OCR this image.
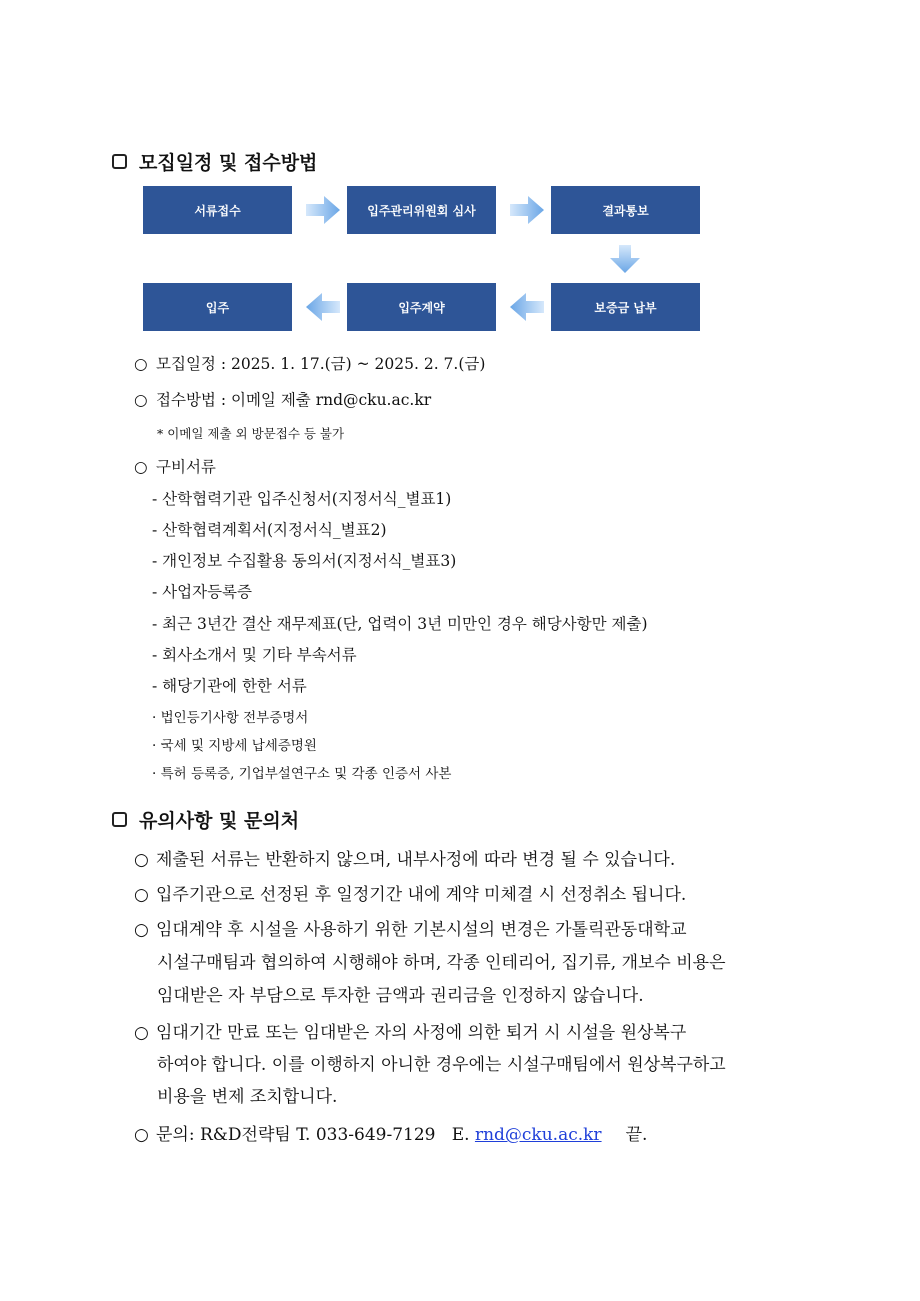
모집일정 및 접수방법
서류접수	입주관리위원회 심사	결과통보
보증금 납부
입주계약
입주
○ 모집일정 : 2025. 1. 17.(금) ~ 2025. 2. 7.(금)
○ 접수방법 : 이메일 제출 rnd@cku.ac.kr
* 이메일 제출 외 방문접수 등 불가
○ 구비서류
- 산학협력기관 입주신청서(지정서식_별표1)
- 산학협력계획서(지정서식_별표2)
- 개인정보 수집활용 동의서(지정서식_별표3)
- 사업자등록증
- 최근 3년간 결산 재무제표(단, 업력이 3년 미만인 경우 해당사항만 제출)
- 회사소개서 및 기타 부속서류
- 해당기관에 한한 서류
· 법인등기사항 전부증명서
· 국세 및 지방세 납세증명원
· 특허 등록증, 기업부설연구소 및 각종 인증서 사본
유의사항 및 문의처
○ 제출된 서류는 반환하지 않으며, 내부사정에 따라 변경 될 수 있습니다.
○ 입주기관으로 선정된 후 일정기간 내에 계약 미체결 시 선정취소 됩니다.
○ 임대계약 후 시설을 사용하기 위한 기본시설의 변경은 가톨릭관동대학교
시설구매팀과 협의하여 시행해야 하며, 각종 인테리어, 집기류, 개보수 비용은
임대받은 자 부담으로 투자한 금액과 권리금을 인정하지 않습니다.
○ 임대기간 만료 또는 임대받은 자의 사정에 의한 퇴거 시 시설을 원상복구
하여야 합니다. 이를 이행하지 아니한 경우에는 시설구매팀에서 원상복구하고
비용을 변제 조치합니다.
○ 문의: R&D전략팀 T. 033-649-7129   E. rnd@cku.ac.kr 끝.
